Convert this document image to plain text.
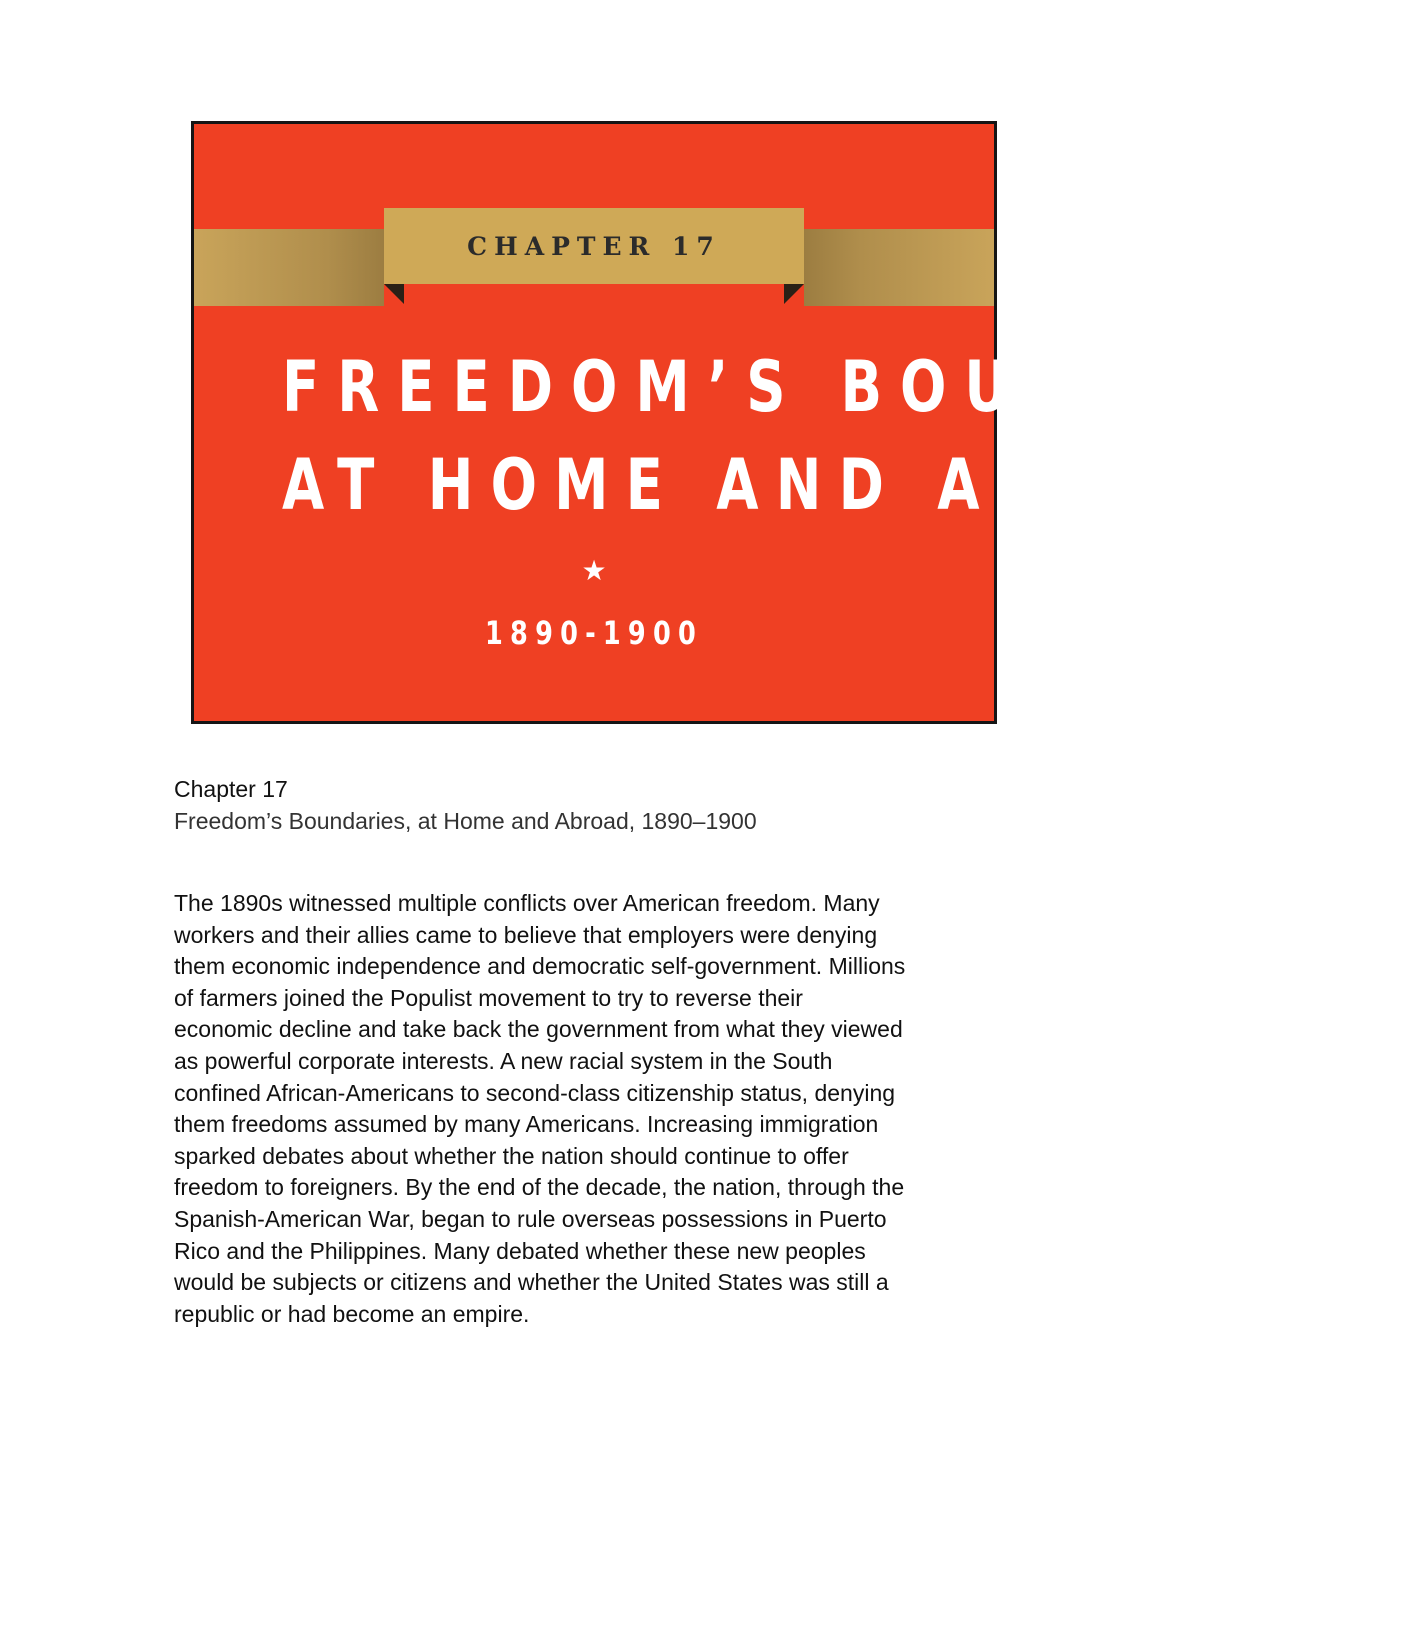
CHAPTER 17
FREEDOM’S BOUNDARIES
AT HOME AND ABROAD
★
1890-1900
Chapter 17
Freedom’s Boundaries, at Home and Abroad, 1890–1900
The 1890s witnessed multiple conflicts over American freedom. Many
workers and their allies came to believe that employers were denying
them economic independence and democratic self-government. Millions
of farmers joined the Populist movement to try to reverse their
economic decline and take back the government from what they viewed
as powerful corporate interests. A new racial system in the South
confined African-Americans to second-class citizenship status, denying
them freedoms assumed by many Americans. Increasing immigration
sparked debates about whether the nation should continue to offer
freedom to foreigners. By the end of the decade, the nation, through the
Spanish-American War, began to rule overseas possessions in Puerto
Rico and the Philippines. Many debated whether these new peoples
would be subjects or citizens and whether the United States was still a
republic or had become an empire.
